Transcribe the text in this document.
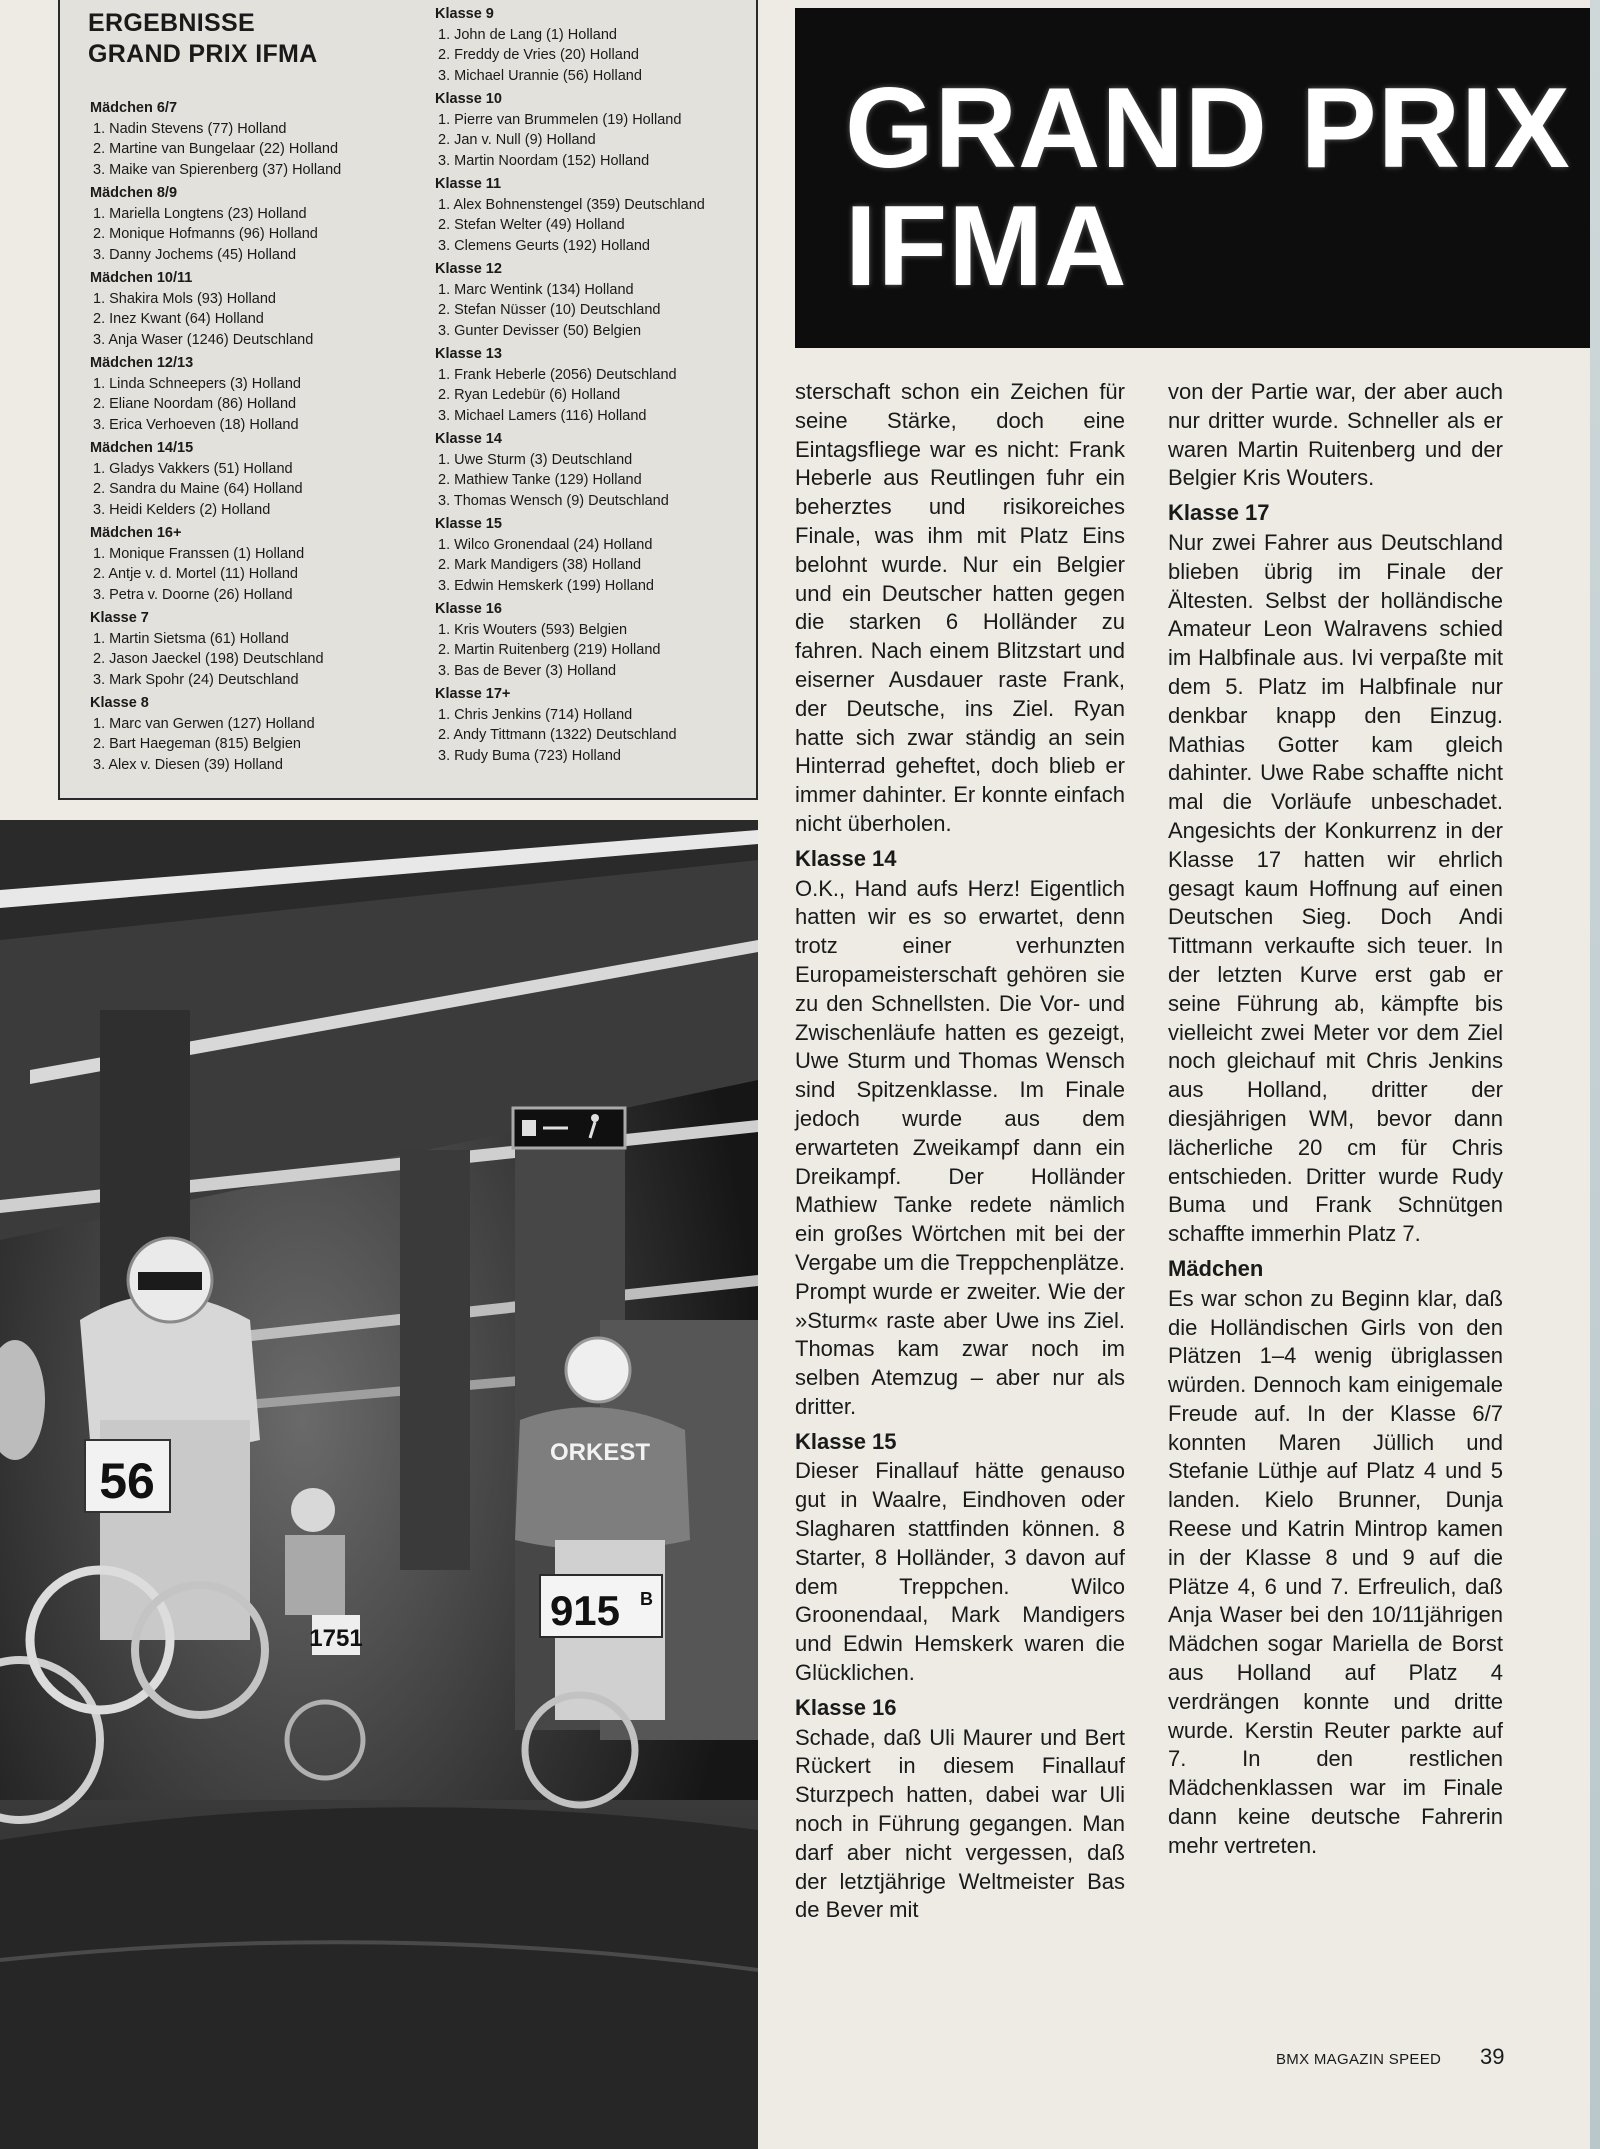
ERGEBNISSE
GRAND PRIX IFMA
Mädchen 6/7
1. Nadin Stevens (77) Holland
2. Martine van Bungelaar (22) Holland
3. Maike van Spierenberg (37) Holland
Mädchen 8/9
1. Mariella Longtens (23) Holland
2. Monique Hofmanns (96) Holland
3. Danny Jochems (45) Holland
Mädchen 10/11
1. Shakira Mols (93) Holland
2. Inez Kwant (64) Holland
3. Anja Waser (1246) Deutschland
Mädchen 12/13
1. Linda Schneepers (3) Holland
2. Eliane Noordam (86) Holland
3. Erica Verhoeven (18) Holland
Mädchen 14/15
1. Gladys Vakkers (51) Holland
2. Sandra du Maine (64) Holland
3. Heidi Kelders (2) Holland
Mädchen 16+
1. Monique Franssen (1) Holland
2. Antje v. d. Mortel (11) Holland
3. Petra v. Doorne (26) Holland
Klasse 7
1. Martin Sietsma (61) Holland
2. Jason Jaeckel (198) Deutschland
3. Mark Spohr (24) Deutschland
Klasse 8
1. Marc van Gerwen (127) Holland
2. Bart Haegeman (815) Belgien
3. Alex v. Diesen (39) Holland
Klasse 9
1. John de Lang (1) Holland
2. Freddy de Vries (20) Holland
3. Michael Urannie (56) Holland
Klasse 10
1. Pierre van Brummelen (19) Holland
2. Jan v. Null (9) Holland
3. Martin Noordam (152) Holland
Klasse 11
1. Alex Bohnenstengel (359) Deutschland
2. Stefan Welter (49) Holland
3. Clemens Geurts (192) Holland
Klasse 12
1. Marc Wentink (134) Holland
2. Stefan Nüsser (10) Deutschland
3. Gunter Devisser (50) Belgien
Klasse 13
1. Frank Heberle (2056) Deutschland
2. Ryan Ledebür (6) Holland
3. Michael Lamers (116) Holland
Klasse 14
1. Uwe Sturm (3) Deutschland
2. Mathiew Tanke (129) Holland
3. Thomas Wensch (9) Deutschland
Klasse 15
1. Wilco Gronendaal (24) Holland
2. Mark Mandigers (38) Holland
3. Edwin Hemskerk (199) Holland
Klasse 16
1. Kris Wouters (593) Belgien
2. Martin Ruitenberg (219) Holland
3. Bas de Bever (3) Holland
Klasse 17+
1. Chris Jenkins (714) Holland
2. Andy Tittmann (1322) Deutschland
3. Rudy Buma (723) Holland
56
1751
ORKEST
915 B
GRAND PRIX
IFMA
sterschaft schon ein Zeichen für seine Stärke, doch eine Eintagsfliege war es nicht: Frank Heberle aus Reutlingen fuhr ein beherztes und risikoreiches Finale, was ihm mit Platz Eins belohnt wurde. Nur ein Belgier und ein Deutscher hatten gegen die starken 6 Holländer zu fahren. Nach einem Blitzstart und eiserner Ausdauer raste Frank, der Deutsche, ins Ziel. Ryan hatte sich zwar ständig an sein Hinterrad geheftet, doch blieb er immer dahinter. Er konnte einfach nicht überholen.
Klasse 14
O.K., Hand aufs Herz! Eigentlich hatten wir es so erwartet, denn trotz einer verhunzten Europameisterschaft gehören sie zu den Schnellsten. Die Vor- und Zwischenläufe hatten es gezeigt, Uwe Sturm und Thomas Wensch sind Spitzenklasse. Im Finale jedoch wurde aus dem erwarteten Zweikampf dann ein Dreikampf. Der Holländer Mathiew Tanke redete nämlich ein großes Wörtchen mit bei der Vergabe um die Treppchenplätze. Prompt wurde er zweiter. Wie der »Sturm« raste aber Uwe ins Ziel. Thomas kam zwar noch im selben Atemzug – aber nur als dritter.
Klasse 15
Dieser Finallauf hätte genauso gut in Waalre, Eindhoven oder Slagharen stattfinden können. 8 Starter, 8 Holländer, 3 davon auf dem Treppchen. Wilco Groonendaal, Mark Mandigers und Edwin Hemskerk waren die Glücklichen.
Klasse 16
Schade, daß Uli Maurer und Bert Rückert in diesem Finallauf Sturzpech hatten, dabei war Uli noch in Führung gegangen. Man darf aber nicht vergessen, daß der letztjährige Weltmeister Bas de Bever mit
von der Partie war, der aber auch nur dritter wurde. Schneller als er waren Martin Ruitenberg und der Belgier Kris Wouters.
Klasse 17
Nur zwei Fahrer aus Deutschland blieben übrig im Finale der Ältesten. Selbst der holländische Amateur Leon Walravens schied im Halbfinale aus. Ivi verpaßte mit dem 5. Platz im Halbfinale nur denkbar knapp den Einzug. Mathias Gotter kam gleich dahinter. Uwe Rabe schaffte nicht mal die Vorläufe unbeschadet. Angesichts der Konkurrenz in der Klasse 17 hatten wir ehrlich gesagt kaum Hoffnung auf einen Deutschen Sieg. Doch Andi Tittmann verkaufte sich teuer. In der letzten Kurve erst gab er seine Führung ab, kämpfte bis vielleicht zwei Meter vor dem Ziel noch gleichauf mit Chris Jenkins aus Holland, dritter der diesjährigen WM, bevor dann lächerliche 20 cm für Chris entschieden. Dritter wurde Rudy Buma und Frank Schnütgen schaffte immerhin Platz 7.
Mädchen
Es war schon zu Beginn klar, daß die Holländischen Girls von den Plätzen 1–4 wenig übriglassen würden. Dennoch kam einigemale Freude auf. In der Klasse 6/7 konnten Maren Jüllich und Stefanie Lüthje auf Platz 4 und 5 landen. Kielo Brunner, Dunja Reese und Katrin Mintrop kamen in der Klasse 8 und 9 auf die Plätze 4, 6 und 7. Erfreulich, daß Anja Waser bei den 10/11jährigen Mädchen sogar Mariella de Borst aus Holland auf Platz 4 verdrängen konnte und dritte wurde. Kerstin Reuter parkte auf 7. In den restlichen Mädchenklassen war im Finale dann keine deutsche Fahrerin mehr vertreten.
BMX MAGAZIN SPEED 39
